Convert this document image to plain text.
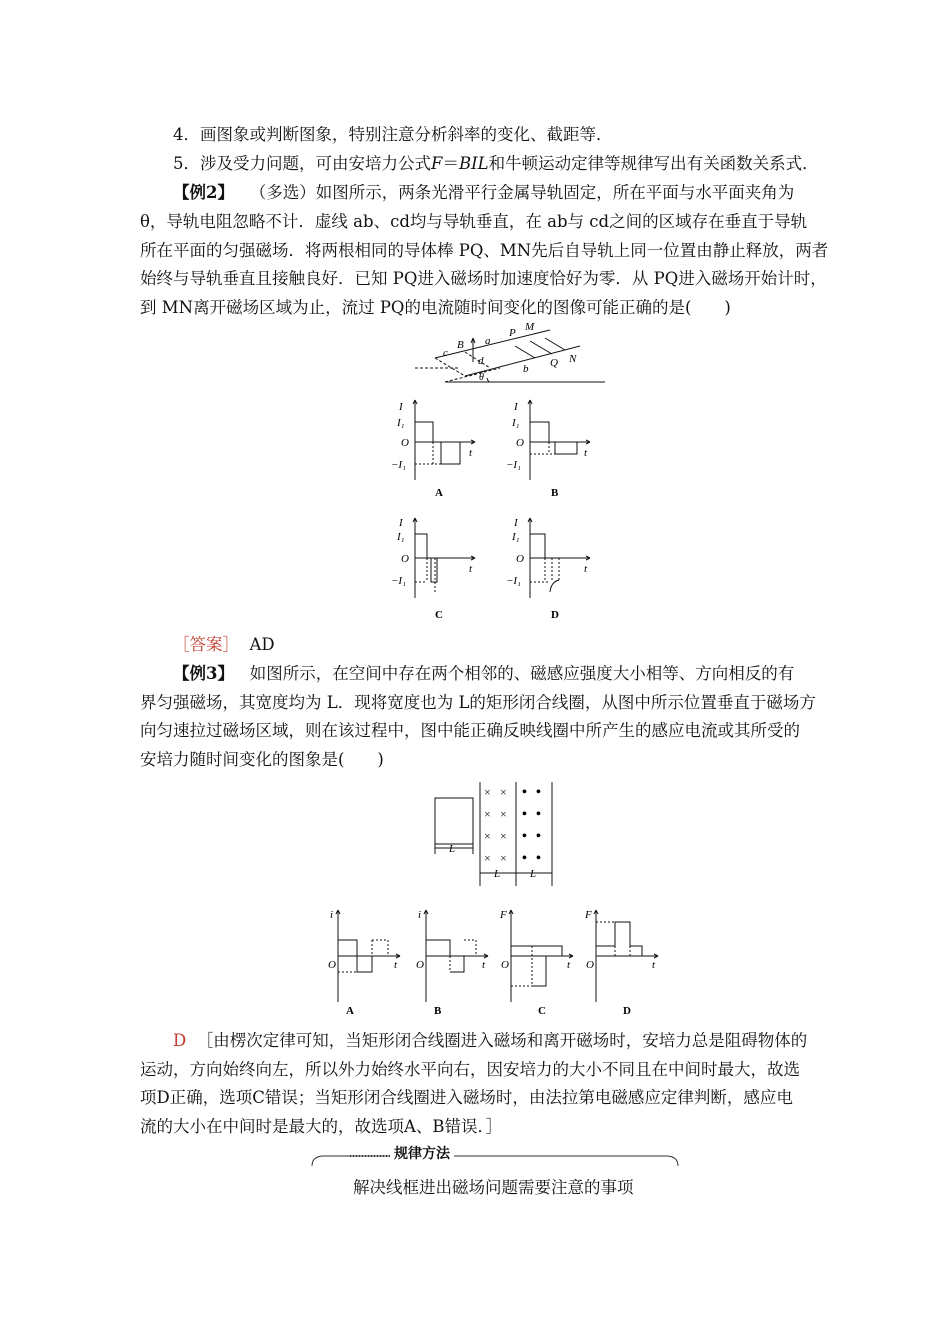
4．画图象或判断图象，特别注意分析斜率的变化、截距等．
5．涉及受力问题，可由安培力公式F＝BIL和牛顿运动定律等规律写出有关函数关系式．
【例2】 （多选）如图所示，两条光滑平行金属导轨固定，所在平面与水平面夹角为
θ，导轨电阻忽略不计．虚线 ab、cd均与导轨垂直，在 ab与 cd之间的区域存在垂直于导轨
所在平面的匀强磁场．将两根相同的导体棒 PQ、MN先后自导轨上同一位置由静止释放，两者
始终与导轨垂直且接触良好．已知 PQ进入磁场时加速度恰好为零．从 PQ进入磁场开始计时，
到 MN离开磁场区域为止，流过 PQ的电流随时间变化的图像可能正确的是(　　)
c
B a
P M
d
b Q N
θ
I
I₁
O
−I₁
t
I
I₁
O
−I₁
t
I
I₁
O
−I₁
t
I
I₁
O
−I₁
t
A	B
C	D
［答案］ AD
【例3】 如图所示，在空间中存在两个相邻的、磁感应强度大小相等、方向相反的有
界匀强磁场，其宽度均为 L．现将宽度也为 L的矩形闭合线圈，从图中所示位置垂直于磁场方
向匀速拉过磁场区域，则在该过程中，图中能正确反映线圈中所产生的感应电流或其所受的
安培力随时间变化的图象是(　　)
L
L	L
× ×
× ×
× ×
× ×
• •
• •
• •
• •
i
O	t
i
O	t
F
O	t
F
O	t
A	B	C	D
D ［由楞次定律可知，当矩形闭合线圈进入磁场和离开磁场时，安培力总是阻碍物体的
运动，方向始终向左，所以外力始终水平向右，因安培力的大小不同且在中间时最大，故选
项D正确，选项C错误；当矩形闭合线圈进入磁场时，由法拉第电磁感应定律判断，感应电
流的大小在中间时是最大的，故选项A、B错误．］
规律方法
解决线框进出磁场问题需要注意的事项
